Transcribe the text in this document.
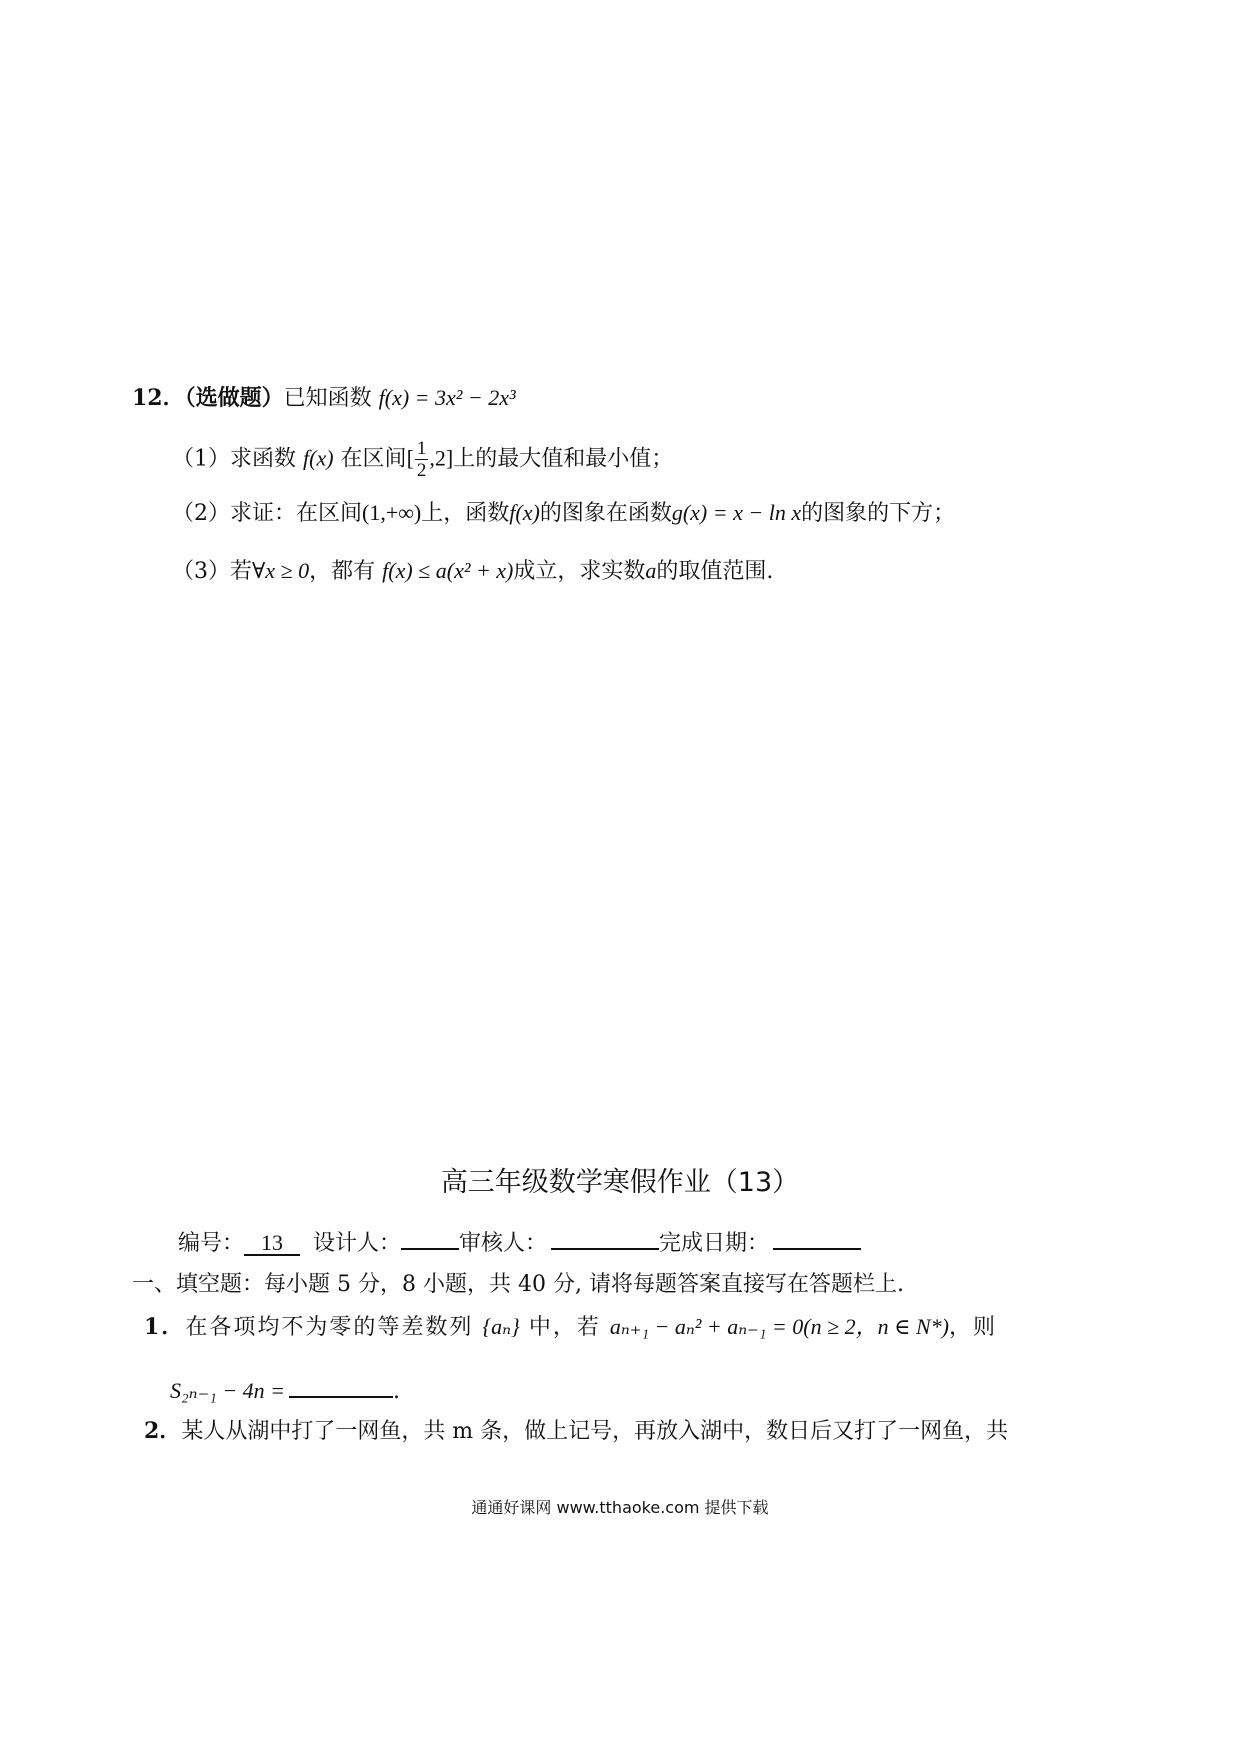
12．（选做题）已知函数 f(x) = 3x² − 2x³
（1）求函数 f(x) 在区间[ $\frac{1}{2} ,2$]上的最大值和最小值；
（2）求证：在区间(1,+∞)上，函数f(x)的图象在函数g(x) = x − ln x的图象的下方；
（3）若∀x ≥ 0，都有 f(x) ≤ a(x² + x)成立，求实数a的取值范围.
高三年级数学寒假作业（13）
编号： 13 设计人：	审核人：	完成日期：
一、填空题：每小题 5 分，8 小题，共 40 分, 请将每题答案直接写在答题栏上.
1．在各项均不为零的等差数列 {aₙ} 中，若 aₙ₊₁ − aₙ² + aₙ₋₁ = 0(n ≥ 2，n ∈ N*)，则
S₂ₙ₋₁ − 4n =	.
2．某人从湖中打了一网鱼，共 m 条，做上记号，再放入湖中，数日后又打了一网鱼，共
通通好课网 www.tthaoke.com 提供下载
